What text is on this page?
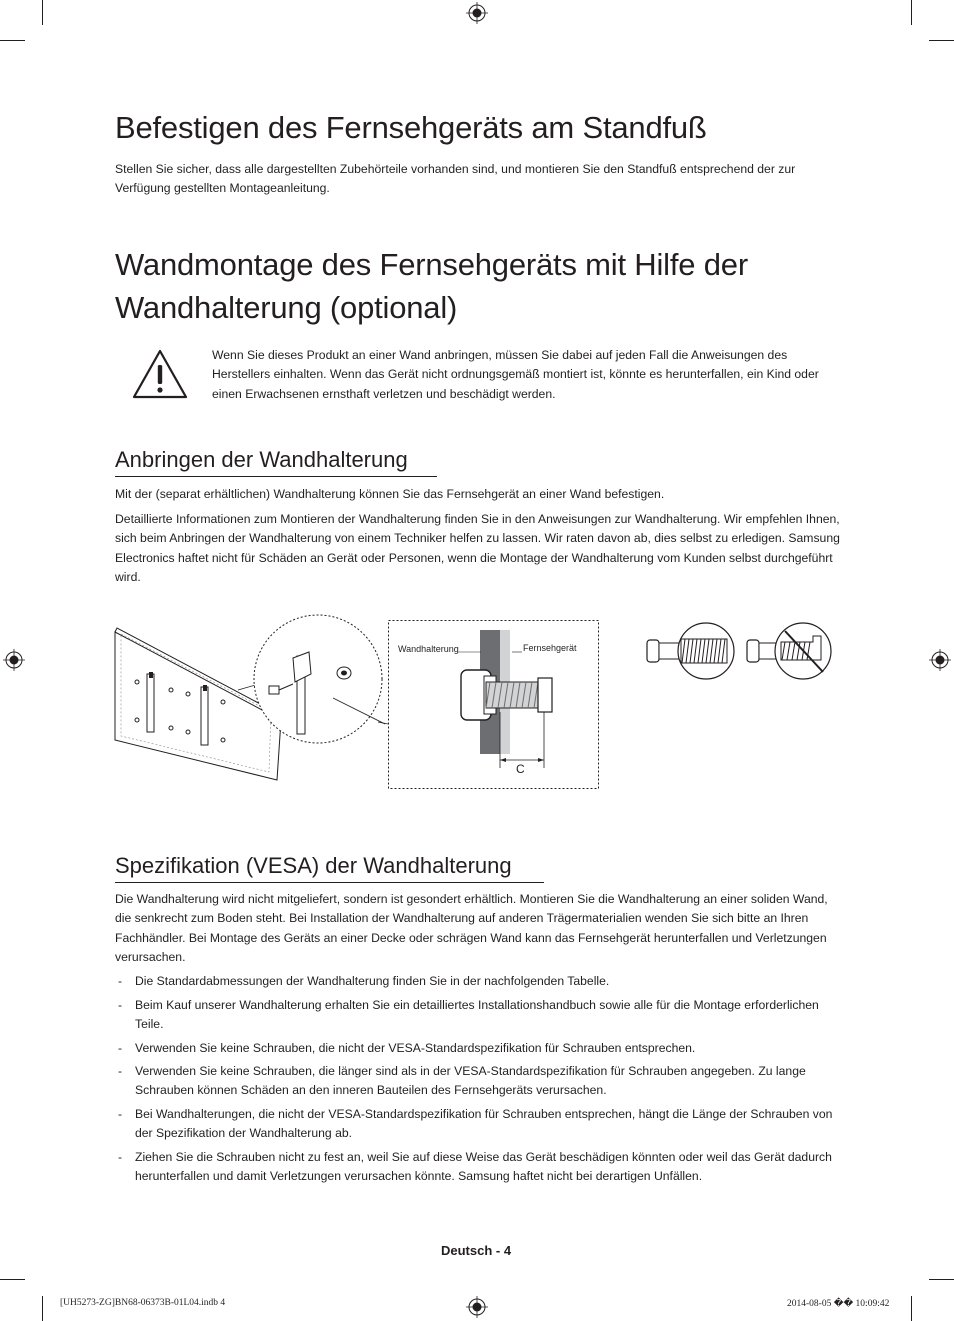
Befestigen des Fernsehgeräts am Standfuß

Stellen Sie sicher, dass alle dargestellten Zubehörteile vorhanden sind, und montieren Sie den Standfuß entsprechend der zur Verfügung gestellten Montageanleitung.

Wandmontage des Fernsehgeräts mit Hilfe der Wandhalterung (optional)

Wenn Sie dieses Produkt an einer Wand anbringen, müssen Sie dabei auf jeden Fall die Anweisungen des Herstellers einhalten. Wenn das Gerät nicht ordnungsgemäß montiert ist, könnte es herunterfallen, ein Kind oder einen Erwachsenen ernsthaft verletzen und beschädigt werden.

Anbringen der Wandhalterung

Mit der (separat erhältlichen) Wandhalterung können Sie das Fernsehgerät an einer Wand befestigen.

Detaillierte Informationen zum Montieren der Wandhalterung finden Sie in den Anweisungen zur Wandhalterung. Wir empfehlen Ihnen, sich beim Anbringen der Wandhalterung von einem Techniker helfen zu lassen. Wir raten davon ab, dies selbst zu erledigen. Samsung Electronics haftet nicht für Schäden an Gerät oder Personen, wenn die Montage der Wandhalterung vom Kunden selbst durchgeführt wird.

Wandhalterung	Fernsehgerät
C
Spezifikation (VESA) der Wandhalterung

Die Wandhalterung wird nicht mitgeliefert, sondern ist gesondert erhältlich. Montieren Sie die Wandhalterung an einer soliden Wand, die senkrecht zum Boden steht. Bei Installation der Wandhalterung auf anderen Trägermaterialien wenden Sie sich bitte an Ihren Fachhändler. Bei Montage des Geräts an einer Decke oder schrägen Wand kann das Fernsehgerät herunterfallen und Verletzungen verursachen.

- Die Standardabmessungen der Wandhalterung finden Sie in der nachfolgenden Tabelle.
- Beim Kauf unserer Wandhalterung erhalten Sie ein detailliertes Installationshandbuch sowie alle für die Montage erforderlichen Teile.
- Verwenden Sie keine Schrauben, die nicht der VESA-Standardspezifikation für Schrauben entsprechen.
- Verwenden Sie keine Schrauben, die länger sind als in der VESA-Standardspezifikation für Schrauben angegeben. Zu lange Schrauben können Schäden an den inneren Bauteilen des Fernsehgeräts verursachen.
- Bei Wandhalterungen, die nicht der VESA-Standardspezifikation für Schrauben entsprechen, hängt die Länge der Schrauben von der Spezifikation der Wandhalterung ab.
- Ziehen Sie die Schrauben nicht zu fest an, weil Sie auf diese Weise das Gerät beschädigen könnten oder weil das Gerät dadurch herunterfallen und damit Verletzungen verursachen könnte. Samsung haftet nicht bei derartigen Unfällen.
Deutsch - 4
[UH5273-ZG]BN68-06373B-01L04.indb 4	2014-08-05 �� 10:09:42
